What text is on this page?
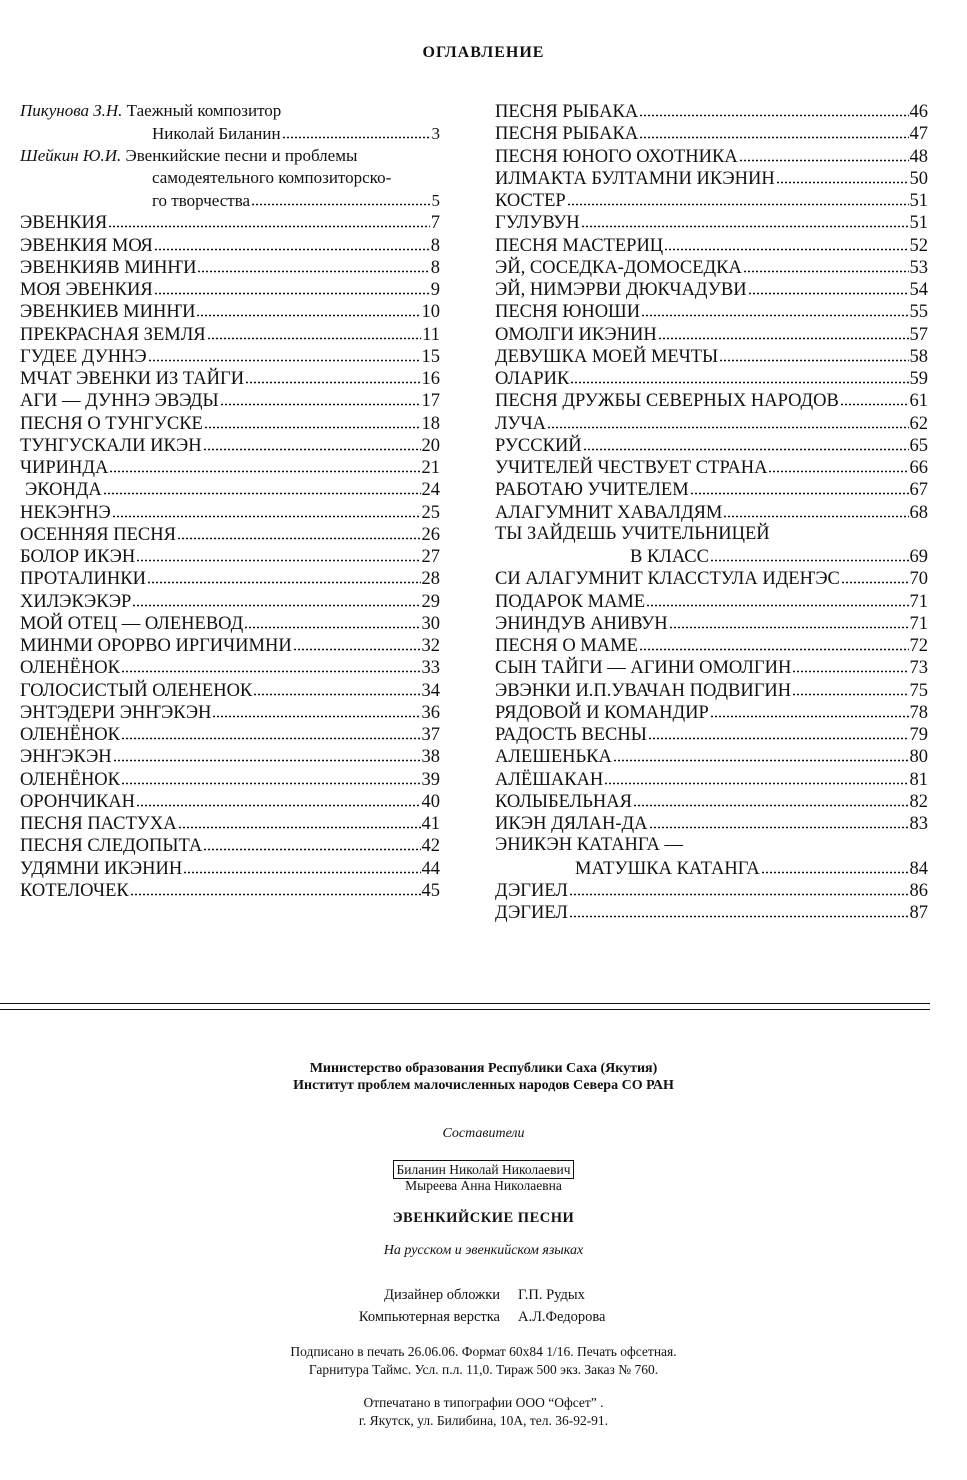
ОГЛАВЛЕНИЕ
Пикунова З.Н. Таежный композитор
Николай Биланин	3
Шейкин Ю.И. Эвенкийские песни и проблемы
самодеятельного композиторско-
го творчества	5
ЭВЕНКИЯ	7
ЭВЕНКИЯ МОЯ	8
ЭВЕНКИЯВ МИНҤИ	8
МОЯ ЭВЕНКИЯ	9
ЭВЕНКИЕВ МИНҤИ	10
ПРЕКРАСНАЯ ЗЕМЛЯ	11
ГУДЕЕ ДУННЭ	15
МЧАТ ЭВЕНКИ ИЗ ТАЙГИ	16
АГИ — ДУННЭ ЭВЭДЫ	17
ПЕСНЯ О ТУНГУСКЕ	18
ТУНГУСКАЛИ ИКЭН	20
ЧИРИНДА	21
ЭКОНДА	24
НЕКЭҤНЭ	25
ОСЕННЯЯ ПЕСНЯ	26
БОЛОР ИКЭН	27
ПРОТАЛИНКИ	28
ХИЛЭКЭКЭР	29
МОЙ ОТЕЦ — ОЛЕНЕВОД	30
МИНМИ ОРОРВО ИРГИЧИМНИ	32
ОЛЕНЁНОК	33
ГОЛОСИСТЫЙ ОЛЕНЕНОК	34
ЭНТЭДЕРИ ЭНҤЭКЭН	36
ОЛЕНЁНОК	37
ЭНҤЭКЭН	38
ОЛЕНЁНОК	39
ОРОНЧИКАН	40
ПЕСНЯ ПАСТУХА	41
ПЕСНЯ СЛЕДОПЫТА	42
УДЯМНИ ИКЭНИН	44
КОТЕЛОЧЕК	45
ПЕСНЯ РЫБАКА	46
ПЕСНЯ РЫБАКА	47
ПЕСНЯ ЮНОГО ОХОТНИКА	48
ИЛМАКТА БУЛТАМНИ ИКЭНИН	50
КОСТЕР	51
ГУЛУВУН	51
ПЕСНЯ МАСТЕРИЦ	52
ЭЙ, СОСЕДКА-ДОМОСЕДКА	53
ЭЙ, НИМЭРВИ ДЮКЧАДУВИ	54
ПЕСНЯ ЮНОШИ	55
ОМОЛГИ ИКЭНИН	57
ДЕВУШКА МОЕЙ МЕЧТЫ	58
ОЛАРИК	59
ПЕСНЯ ДРУЖБЫ СЕВЕРНЫХ НАРОДОВ	61
ЛУЧА	62
РУССКИЙ	65
УЧИТЕЛЕЙ ЧЕСТВУЕТ СТРАНА	66
РАБОТАЮ УЧИТЕЛЕМ	67
АЛАГУМНИТ ХАВАЛДЯМ	68
ТЫ ЗАЙДЕШЬ УЧИТЕЛЬНИЦЕЙ
В КЛАСС	69
СИ АЛАГУМНИТ КЛАССТУЛА ИДЕҤЭС	70
ПОДАРОК МАМЕ	71
ЭНИНДУВ АНИВУН	71
ПЕСНЯ О МАМЕ	72
СЫН ТАЙГИ — АГИНИ ОМОЛГИН	73
ЭВЭНКИ И.П.УВАЧАН ПОДВИГИН	75
РЯДОВОЙ И КОМАНДИР	78
РАДОСТЬ ВЕСНЫ	79
АЛЕШЕНЬКА	80
АЛЁШАКАН	81
КОЛЫБЕЛЬНАЯ	82
ИКЭН ДЯЛАН-ДА	83
ЭНИКЭН КАТАНГА —
МАТУШКА КАТАНГА	84
ДЭГИЕЛ	86
ДЭГИЕЛ	87
Министерство образования Республики Саха (Якутия)
Институт проблем малочисленных народов Севера СО РАН
Составители
Биланин Николай Николаевич
Мыреева Анна Николаевна
ЭВЕНКИЙСКИЕ ПЕСНИ
На русском и эвенкийском языках
Дизайнер обложки	Г.П. Рудых
Компьютерная верстка	А.Л.Федорова
Подписано в печать 26.06.06. Формат 60х84 1/16. Печать офсетная.
Гарнитура Таймс. Усл. п.л. 11,0. Тираж 500 экз. Заказ № 760.
Отпечатано в типографии ООО “Офсет” .
г. Якутск, ул. Билибина, 10А, тел. 36-92-91.
